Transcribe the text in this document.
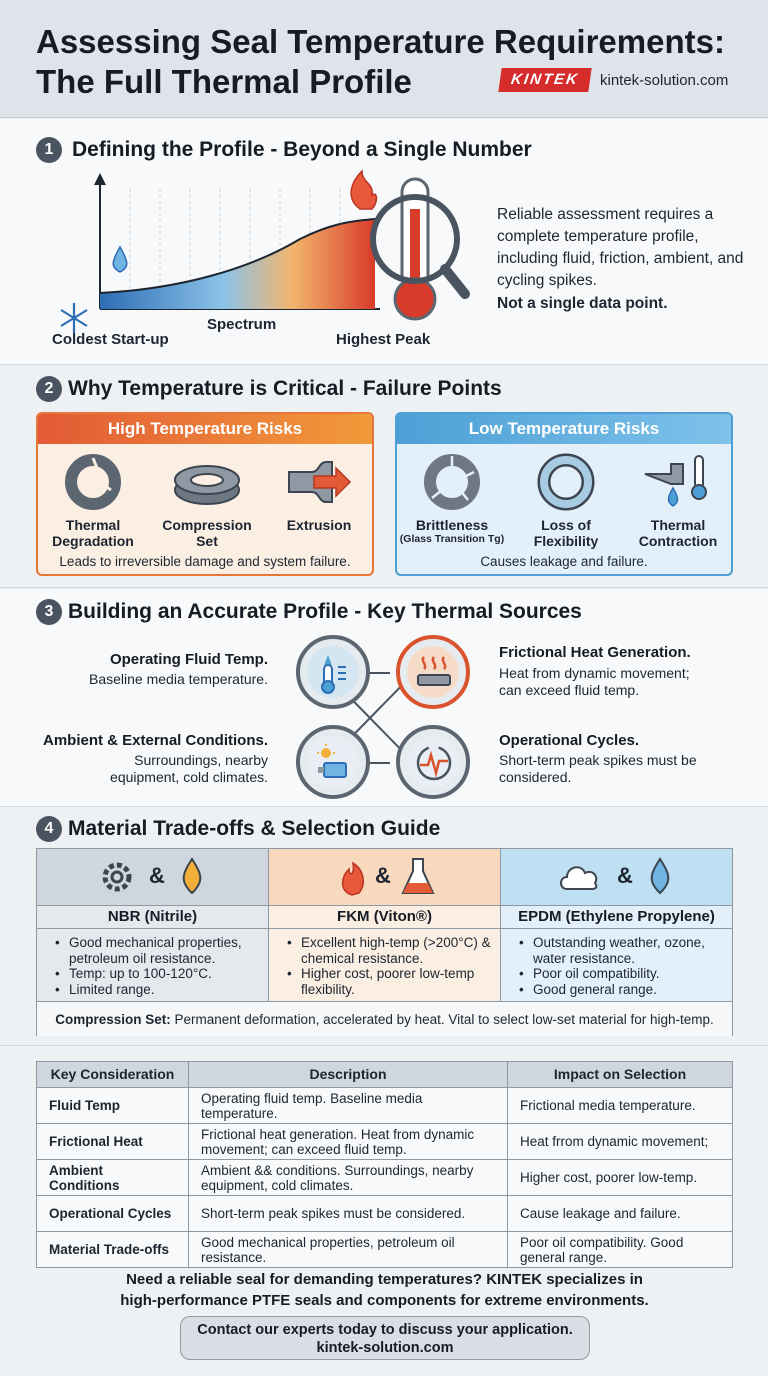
Assessing Seal Temperature Requirements:
The Full Thermal Profile	KINTEK	kintek-solution.com
1 Defining the Profile - Beyond a Single Number
Coldest Start-up
Spectrum
Highest Peak
Reliable assessment requires a complete temperature profile, including fluid, friction, ambient, and cycling spikes.
Not a single data point.
2 Why Temperature is Critical - Failure Points
High Temperature Risks
Thermal Degradation
Compression Set
Extrusion
Leads to irreversible damage and system failure.
Low Temperature Risks
Brittleness
(Glass Transition Tg)
Loss of Flexibility
Thermal Contraction
Causes leakage and failure.
3 Building an Accurate Profile - Key Thermal Sources
Operating Fluid Temp.
Baseline media temperature.
Frictional Heat Generation.
Heat from dynamic movement; can exceed fluid temp.
Ambient & External Conditions.
Surroundings, nearby equipment, cold climates.
Operational Cycles.
Short-term peak spikes must be considered.
4 Material Trade-offs & Selection Guide
&
NBR (Nitrile)
• Good mechanical properties, petroleum oil resistance.
• Temp: up to 100-120°C.
• Limited range.
&
FKM (Viton®)
• Excellent high-temp (>200°C) & chemical resistance.
• Higher cost, poorer low-temp flexibility.
&
EPDM (Ethylene Propylene)
• Outstanding weather, ozone, water resistance.
• Poor oil compatibility.
• Good general range.
Compression Set: Permanent deformation, accelerated by heat. Vital to select low-set material for high-temp.
Key Consideration	Description	Impact on Selection
Fluid Temp	Operating fluid temp. Baseline media temperature.	Frictional media temperature.
Frictional Heat	Frictional heat generation. Heat from dynamic movement; can exceed fluid temp.	Heat frrom dynamic movement;
Ambient Conditions	Ambient && conditions. Surroundings, nearby equipment, cold climates.	Higher cost, poorer low-temp.
Operational Cycles	Short-term peak spikes must be considered.	Cause leakage and failure.
Material Trade-offs	Good mechanical properties, petroleum oil resistance.	Poor oil compatibility. Good general range.
Need a reliable seal for demanding temperatures? KINTEK specializes in
high-performance PTFE seals and components for extreme environments.
Contact our experts today to discuss your application.
kintek-solution.com
